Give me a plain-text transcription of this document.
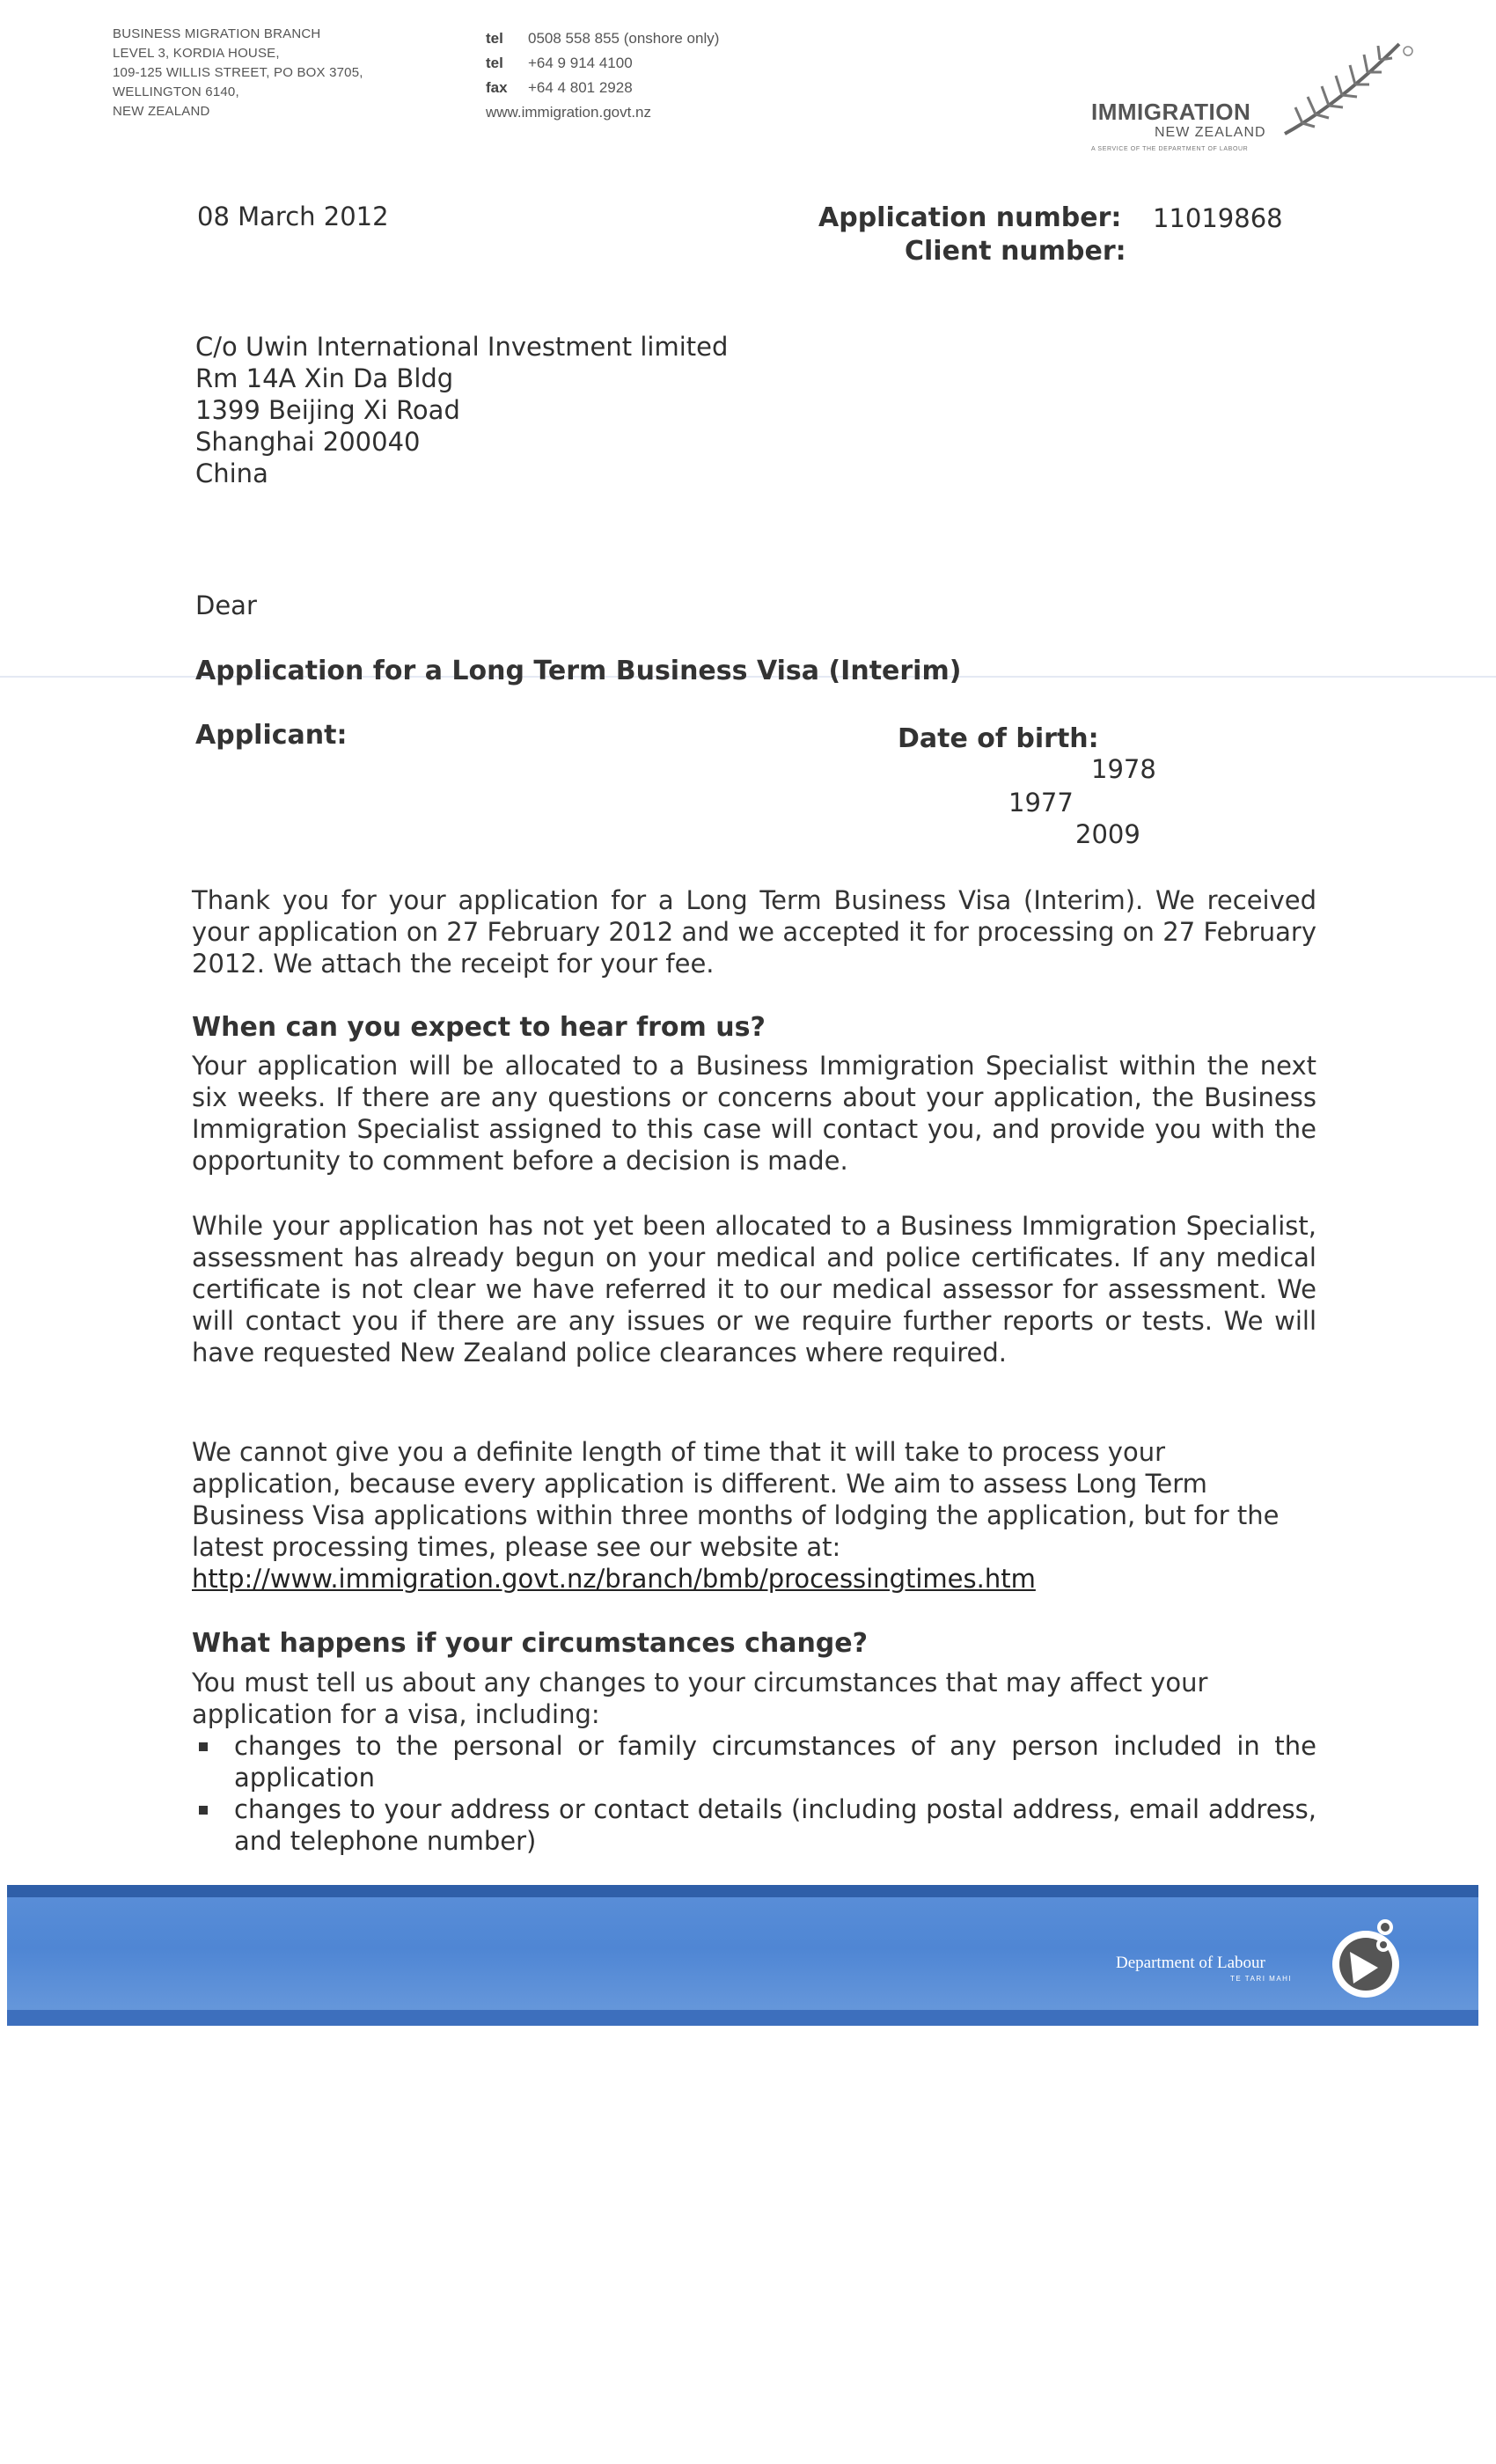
BUSINESS MIGRATION BRANCH
LEVEL 3, KORDIA HOUSE,
109-125 WILLIS STREET, PO BOX 3705,
WELLINGTON 6140,
NEW ZEALAND
tel 0508 558 855 (onshore only)
tel +64 9 914 4100
fax +64 4 801 2928
www.immigration.govt.nz	IMMIGRATION
NEW ZEALAND
A SERVICE OF THE DEPARTMENT OF LABOUR
08 March 2012	Application number: 11019868
Client number:
C/o Uwin International Investment limited
Rm 14A Xin Da Bldg
1399 Beijing Xi Road
Shanghai 200040
China
Dear
Application for a Long Term Business Visa (Interim)
Applicant:	Date of birth:
1978
1977
2009

Thank you for your application for a Long Term Business Visa (Interim). We received your application on 27 February 2012 and we accepted it for processing on 27 February 2012. We attach the receipt for your fee.

When can you expect to hear from us?

Your application will be allocated to a Business Immigration Specialist within the next six weeks. If there are any questions or concerns about your application, the Business Immigration Specialist assigned to this case will contact you, and provide you with the opportunity to comment before a decision is made.

While your application has not yet been allocated to a Business Immigration Specialist, assessment has already begun on your medical and police certificates. If any medical certificate is not clear we have referred it to our medical assessor for assessment. We will contact you if there are any issues or we require further reports or tests. We will have requested New Zealand police clearances where required.

We cannot give you a definite length of time that it will take to process your application, because every application is different. We aim to assess Long Term Business Visa applications within three months of lodging the application, but for the latest processing times, please see our website at:

http://www.immigration.govt.nz/branch/bmb/processingtimes.htm
What happens if your circumstances change?

You must tell us about any changes to your circumstances that may affect your application for a visa, including:

changes to the personal or family circumstances of any person included in the application
changes to your address or contact details (including postal address, email address, and telephone number)
Department of Labour
TE TARI MAHI
